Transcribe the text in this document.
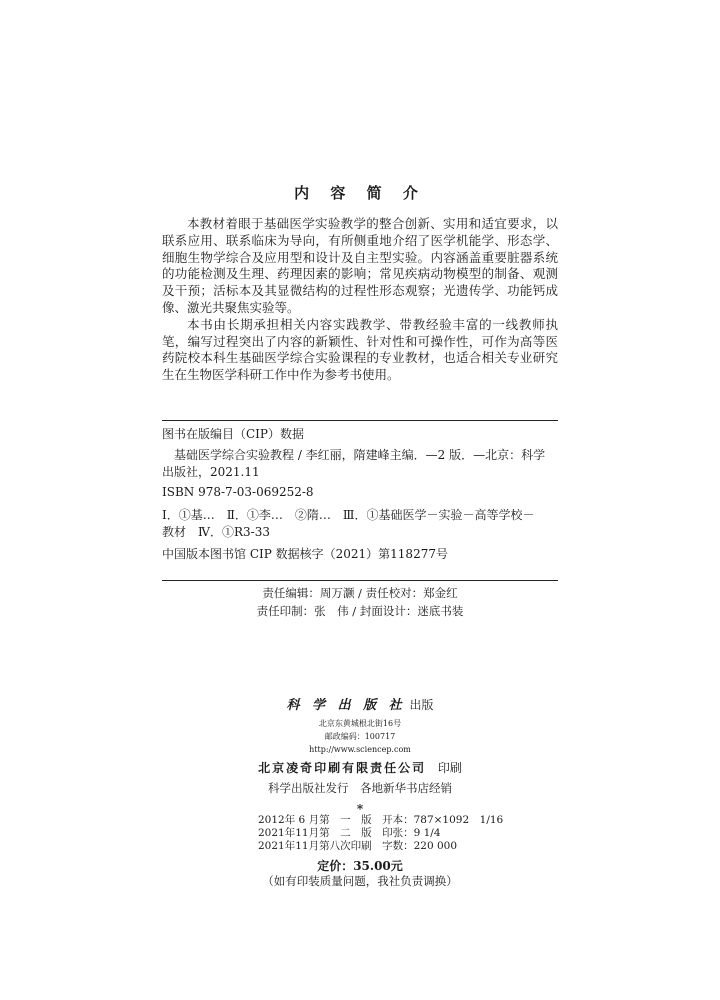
内 容 简 介

本教材着眼于基础医学实验教学的整合创新、实用和适宜要求，以联系应用、联系临床为导向，有所侧重地介绍了医学机能学、形态学、细胞生物学综合及应用型和设计及自主型实验。内容涵盖重要脏器系统的功能检测及生理、药理因素的影响；常见疾病动物模型的制备、观测及干预；活标本及其显微结构的过程性形态观察；光遗传学、功能钙成像、激光共聚焦实验等。

本书由长期承担相关内容实践教学、带教经验丰富的一线教师执笔，编写过程突出了内容的新颖性、针对性和可操作性，可作为高等医药院校本科生基础医学综合实验课程的专业教材，也适合相关专业研究生在生物医学科研工作中作为参考书使用。

图书在版编目（CIP）数据
基础医学综合实验教程 / 李红丽，隋建峰主编．—2 版．—北京：科学
出版社，2021.11
ISBN 978-7-03-069252-8
Ⅰ．①基…　Ⅱ．①李…　②隋…　Ⅲ．①基础医学－实验－高等学校－
教材　Ⅳ．①R3-33
中国版本图书馆 CIP 数据核字（2021）第118277号
责任编辑：周万灏 / 责任校对：郑金红
责任印制：张　伟 / 封面设计：迷底书装
科 学 出 版 社 出版
北京东黄城根北街16号
邮政编码：100717
http://www.sciencep.com
北京凌奇印刷有限责任公司 印刷
科学出版社发行　各地新华书店经销
*
2012年 6 月第　一　版　开本：787×1092　1/16
2021年11月第　二　版　印张：9 1/4
2021年11月第八次印刷　字数：220 000
定价：35.00元
（如有印装质量问题，我社负责调换）
